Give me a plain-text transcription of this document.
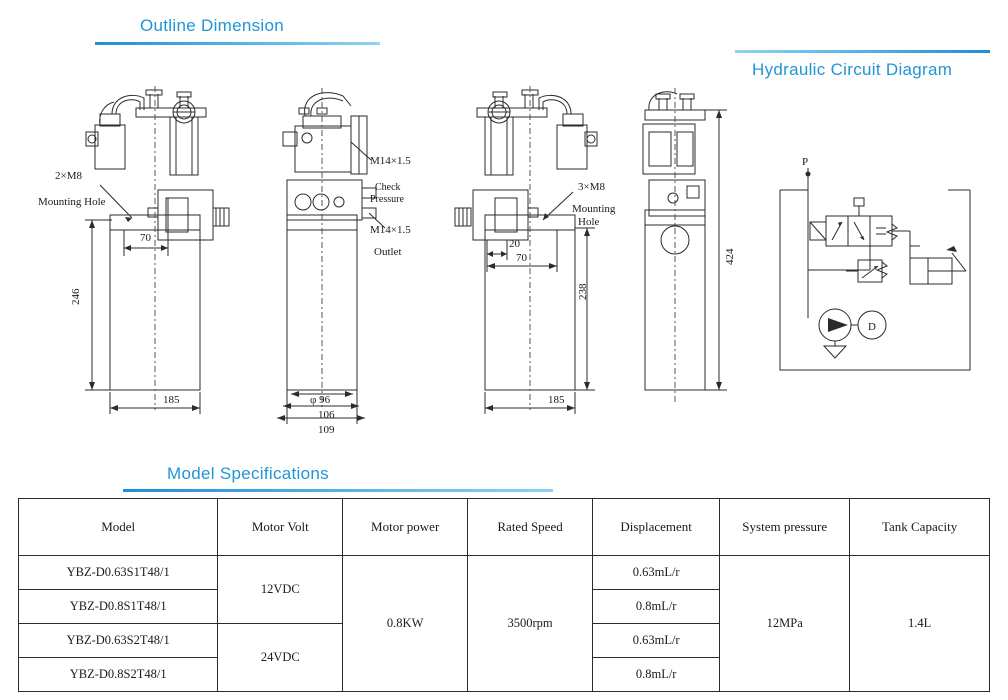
Outline Dimension
Hydraulic Circuit Diagram
Model Specifications
2×M8
Mounting Hole
70
246
185
M14×1.5
Check
Pressure
M14×1.5
Outlet
φ 96
106
109
3×M8
Mounting
Hole
20
70
238
185
424
D
P
Model	Motor Volt	Motor power	Rated Speed	Displacement	System pressure	Tank Capacity
YBZ-D0.63S1T48/1	12VDC	0.8KW	3500rpm	0.63mL/r	12MPa	1.4L
YBZ-D0.8S1T48/1				0.8mL/r		
YBZ-D0.63S2T48/1	24VDC			0.63mL/r		
YBZ-D0.8S2T48/1				0.8mL/r		
